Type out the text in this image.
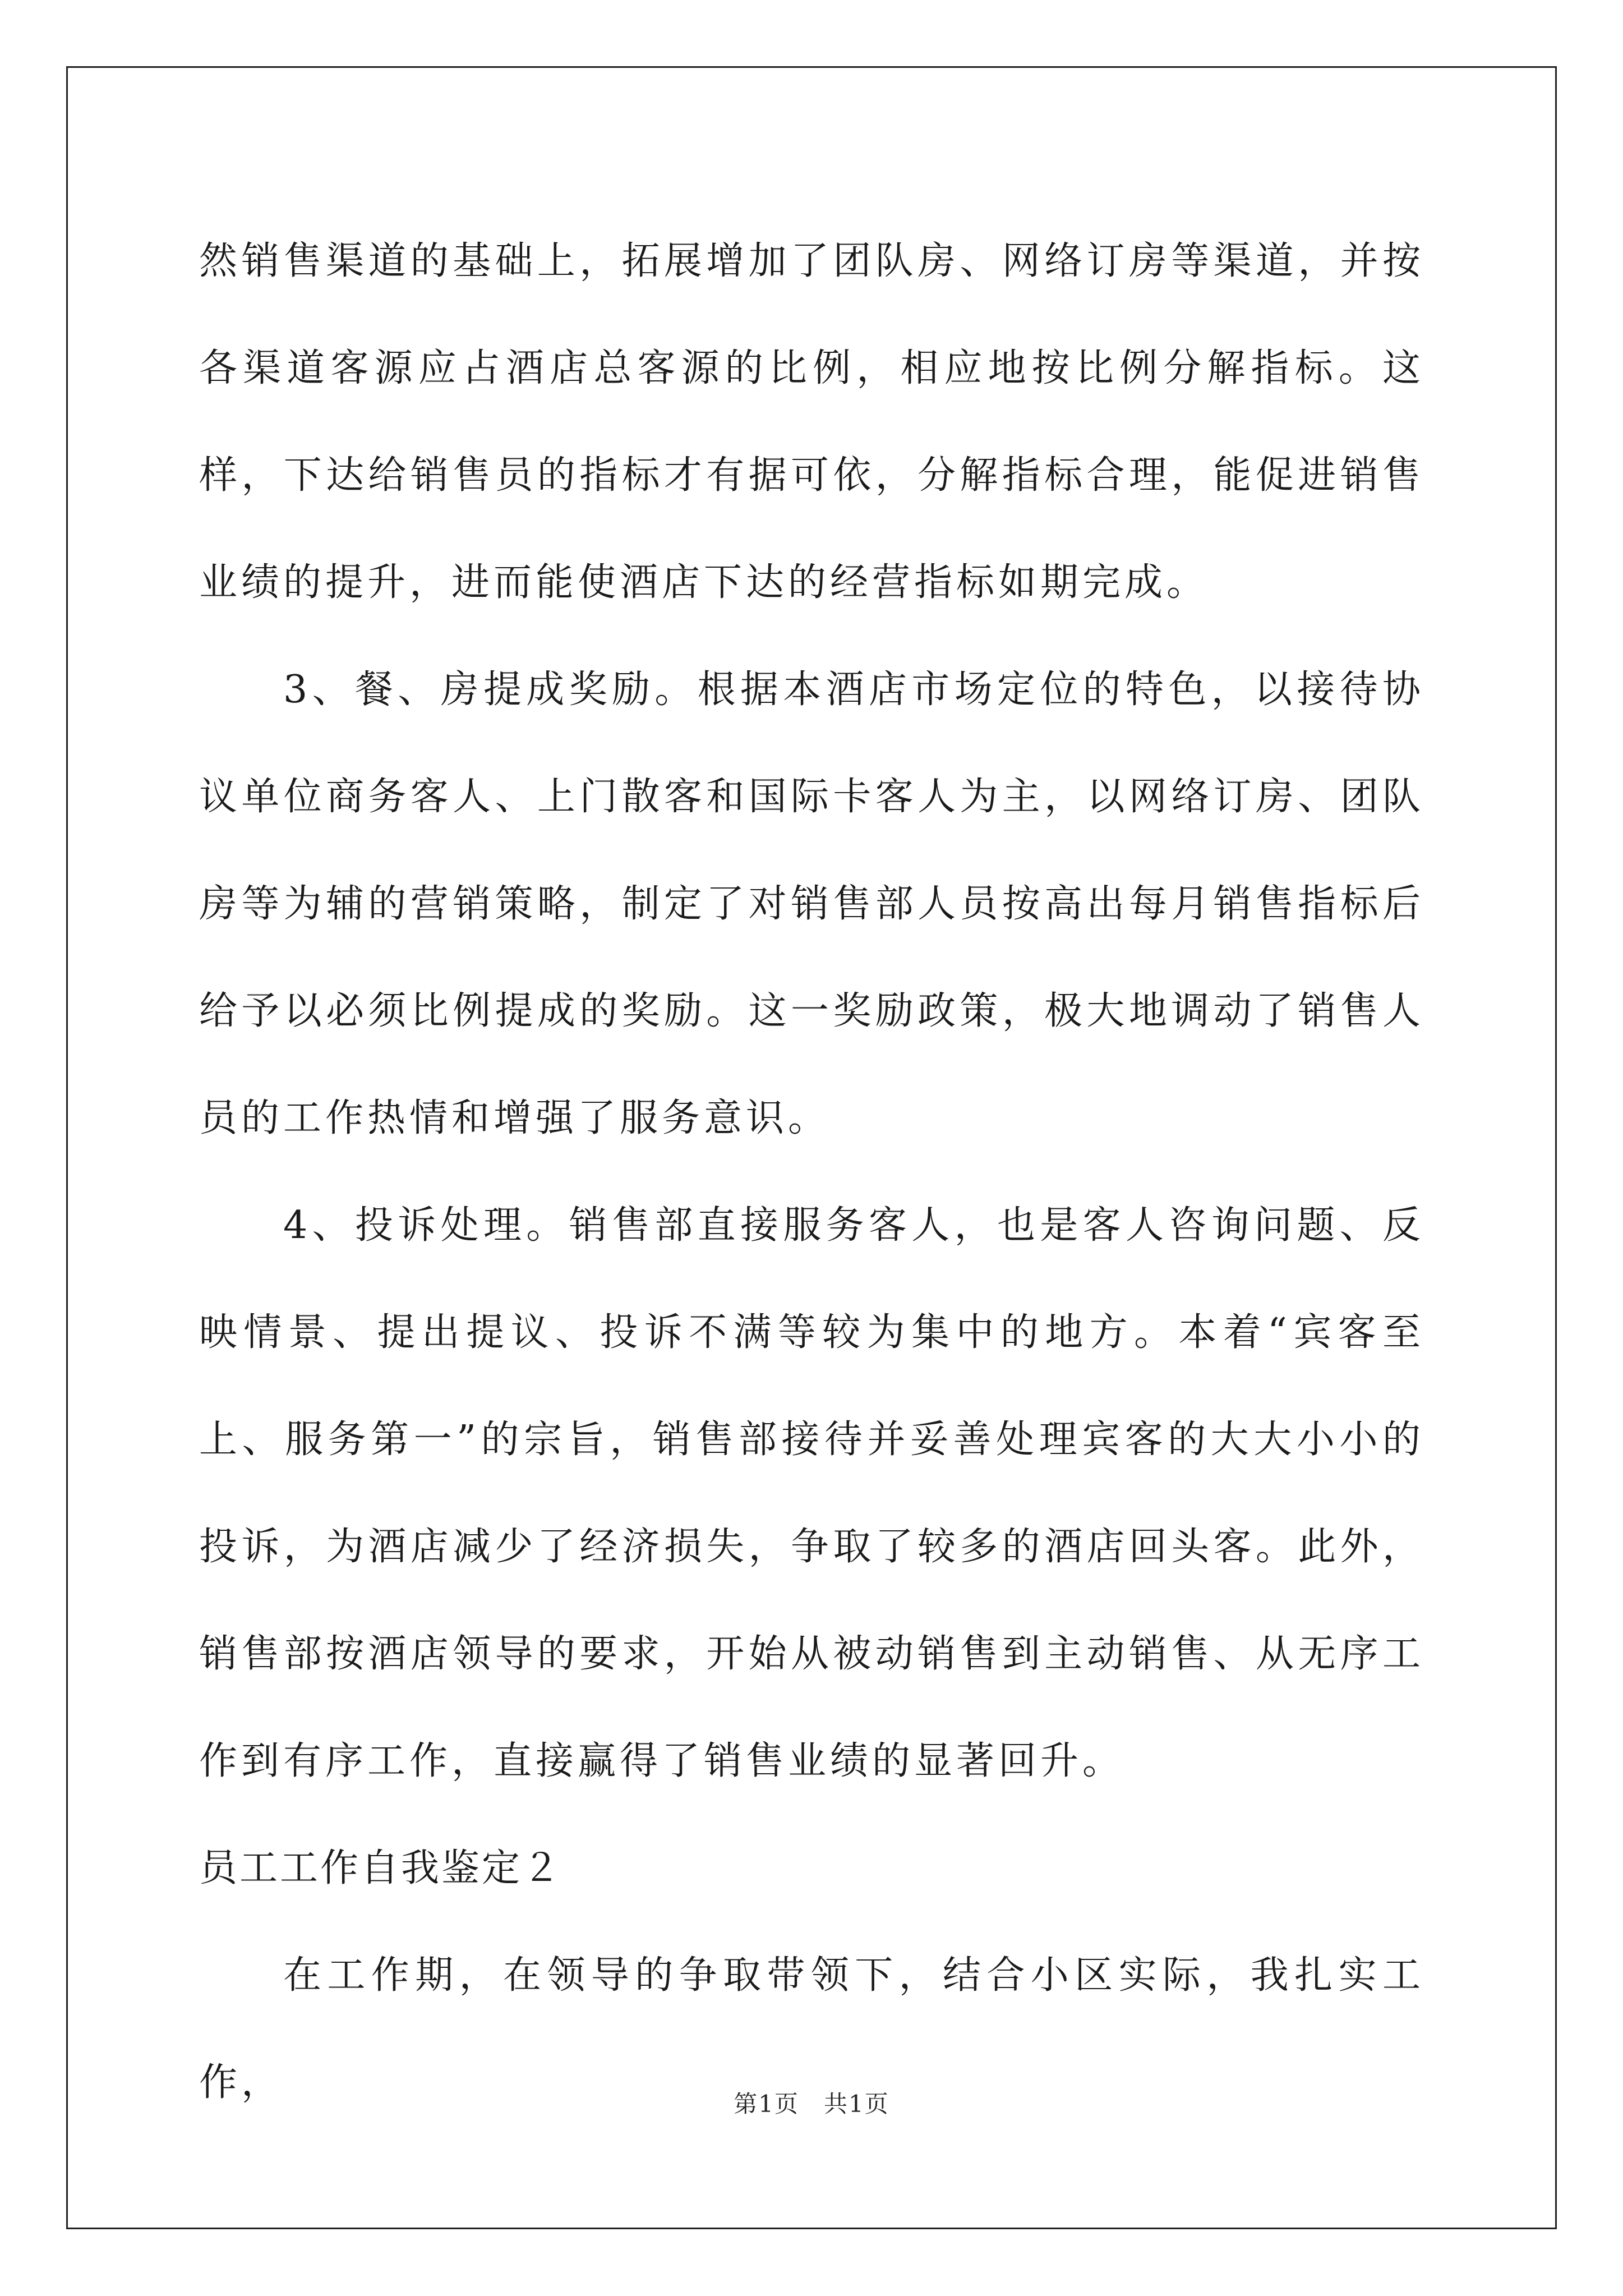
然销售渠道的基础上，拓展增加了团队房、网络订房等渠道，并按各渠道客源应占酒店总客源的比例，相应地按比例分解指标。这样，下达给销售员的指标才有据可依，分解指标合理，能促进销售业绩的提升，进而能使酒店下达的经营指标如期完成。

3、餐、房提成奖励。根据本酒店市场定位的特色，以接待协议单位商务客人、上门散客和国际卡客人为主，以网络订房、团队房等为辅的营销策略，制定了对销售部人员按高出每月销售指标后给予以必须比例提成的奖励。这一奖励政策，极大地调动了销售人员的工作热情和增强了服务意识。

4、投诉处理。销售部直接服务客人，也是客人咨询问题、反映情景、提出提议、投诉不满等较为集中的地方。本着“宾客至上、服务第一”的宗旨，销售部接待并妥善处理宾客的大大小小的投诉，为酒店减少了经济损失，争取了较多的酒店回头客。此外，销售部按酒店领导的要求，开始从被动销售到主动销售、从无序工作到有序工作，直接赢得了销售业绩的显著回升。

员工工作自我鉴定２

在工作期，在领导的争取带领下，结合小区实际，我扎实工作，	第1页　共1页
